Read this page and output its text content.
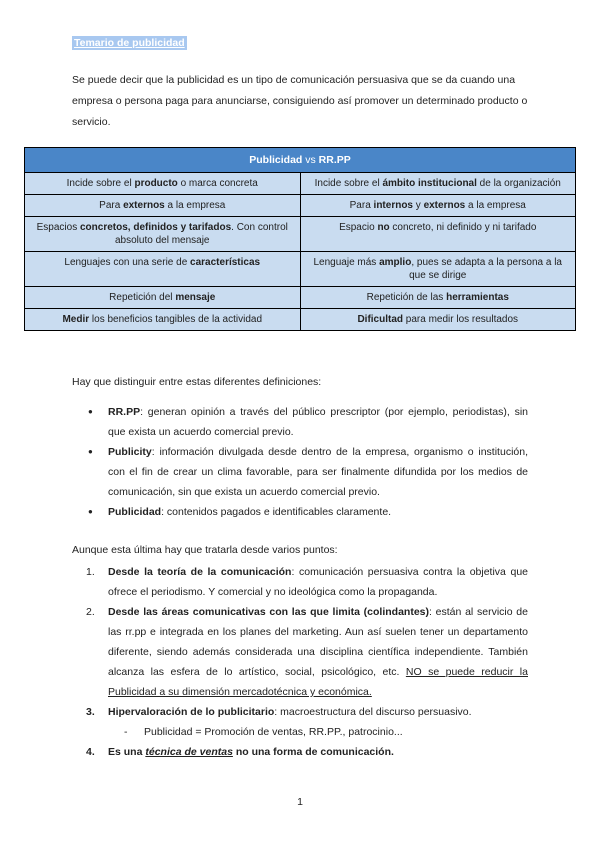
Temario de publicidad
Se puede decir que la publicidad es un tipo de comunicación persuasiva que se da cuando una empresa o persona paga para anunciarse, consiguiendo así promover un determinado producto o servicio.
Publicidad vs RR.PP	
Incide sobre el producto o marca concreta	Incide sobre el ámbito institucional de la organización
Para externos a la empresa	Para internos y externos a la empresa
Espacios concretos, definidos y tarifados. Con control absoluto del mensaje	Espacio no concreto, ni definido y ni tarifado
Lenguajes con una serie de características	Lenguaje más amplio, pues se adapta a la persona a la que se dirige
Repetición del mensaje	Repetición de las herramientas
Medir los beneficios tangibles de la actividad	Dificultad para medir los resultados
Hay que distinguir entre estas diferentes definiciones:
● RR.PP: generan opinión a través del público prescriptor (por ejemplo, periodistas), sin que exista un acuerdo comercial previo.
● Publicity: información divulgada desde dentro de la empresa, organismo o institución, con el fin de crear un clima favorable, para ser finalmente difundida por los medios de comunicación, sin que exista un acuerdo comercial previo.
● Publicidad: contenidos pagados e identificables claramente.
Aunque esta última hay que tratarla desde varios puntos:
1. Desde la teoría de la comunicación: comunicación persuasiva contra la objetiva que ofrece el periodismo. Y comercial y no ideológica como la propaganda.
2. Desde las áreas comunicativas con las que limita (colindantes): están al servicio de las rr.pp e integrada en los planes del marketing. Aun así suelen tener un departamento diferente, siendo además considerada una disciplina científica independiente. También alcanza las esfera de lo artístico, social, psicológico, etc. NO se puede reducir la Publicidad a su dimensión mercadotécnica y económica.
3. Hipervaloración de lo publicitario: macroestructura del discurso persuasivo.
- Publicidad = Promoción de ventas, RR.PP., patrocinio...
4. Es una técnica de ventas no una forma de comunicación.
1
